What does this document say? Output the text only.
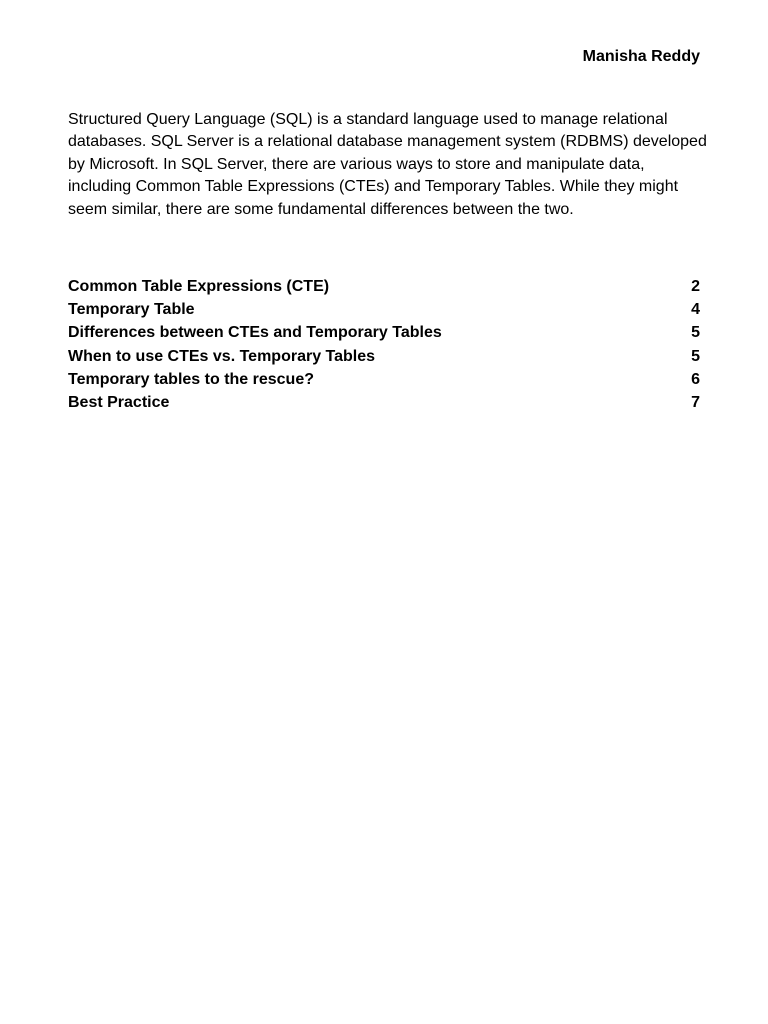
Manisha Reddy

Structured Query Language (SQL) is a standard language used to manage relational databases. SQL Server is a relational database management system (RDBMS) developed by Microsoft. In SQL Server, there are various ways to store and manipulate data, including Common Table Expressions (CTEs) and Temporary Tables. While they might seem similar, there are some fundamental differences between the two.

Common Table Expressions (CTE)	2
Temporary Table	4
Differences between CTEs and Temporary Tables	5
When to use CTEs vs. Temporary Tables	5
Temporary tables to the rescue?	6
Best Practice	7
